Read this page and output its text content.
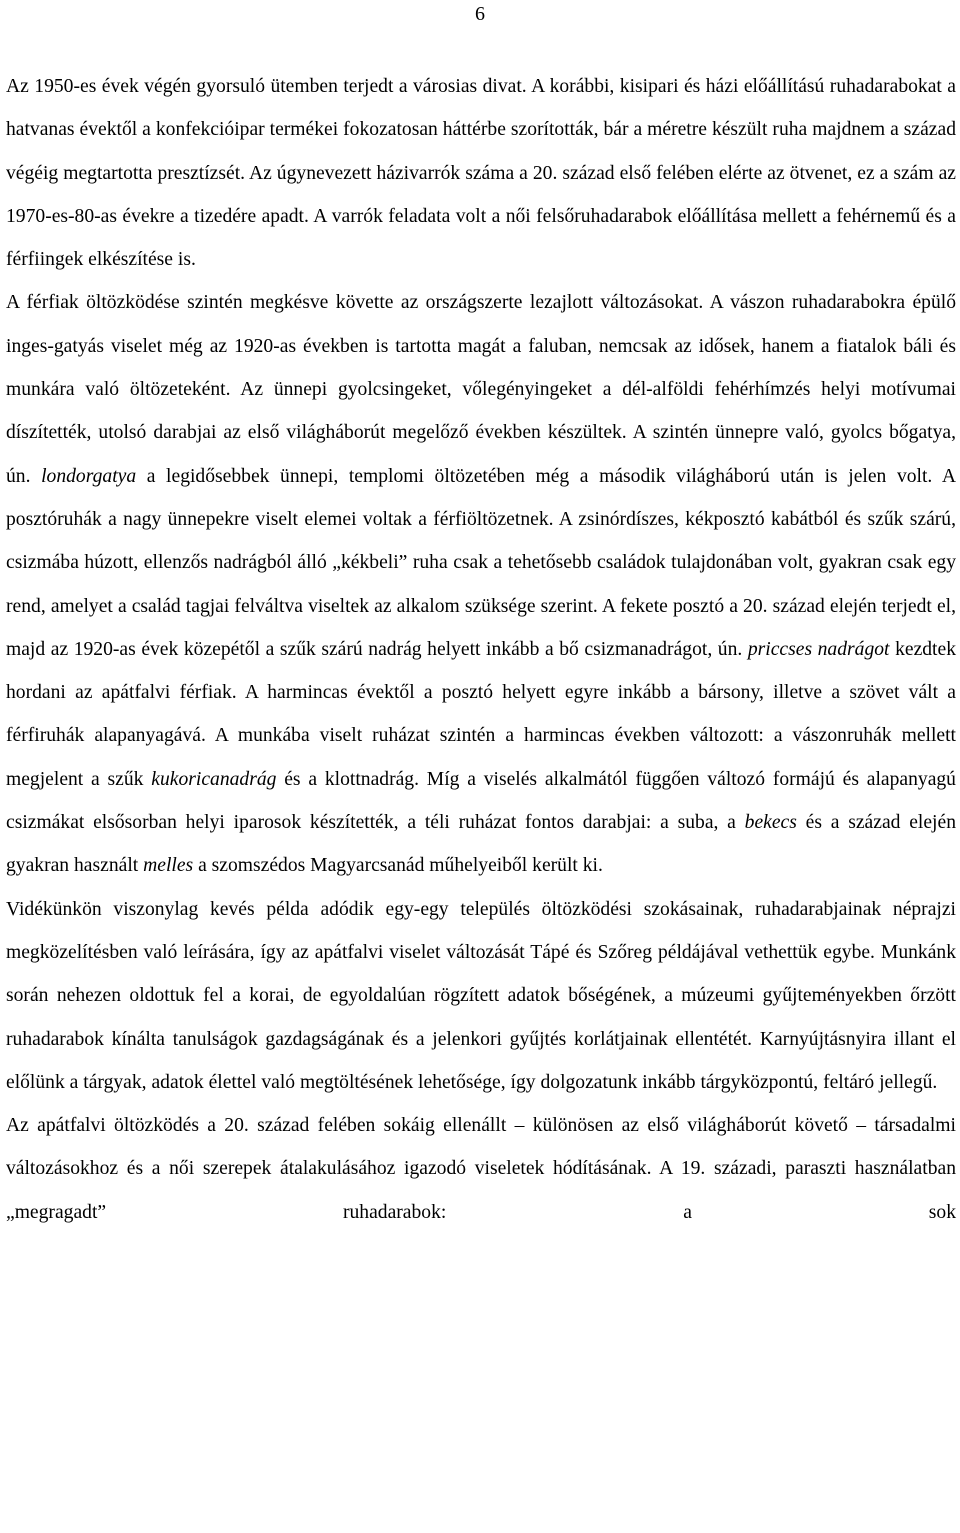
6

Az 1950-es évek végén gyorsuló ütemben terjedt a városias divat. A korábbi, kisipari és házi előállítású ruhadarabokat a hatvanas évektől a konfekcióipar termékei fokozatosan háttérbe szorították, bár a méretre készült ruha majdnem a század végéig megtartotta presztízsét. Az úgynevezett házivarrók száma a 20. század első felében elérte az ötvenet, ez a szám az 1970-es-80-as évekre a tizedére apadt. A varrók feladata volt a női felsőruhadarabok előállítása mellett a fehérnemű és a férfiingek elkészítése is.

A férfiak öltözködése szintén megkésve követte az országszerte lezajlott változásokat. A vászon ruhadarabokra épülő inges-gatyás viselet még az 1920-as években is tartotta magát a faluban, nemcsak az idősek, hanem a fiatalok báli és munkára való öltözeteként. Az ünnepi gyolcsingeket, vőlegényingeket a dél-alföldi fehérhímzés helyi motívumai díszítették, utolsó darabjai az első világháborút megelőző években készültek. A szintén ünnepre való, gyolcs bőgatya, ún. londorgatya a legidősebbek ünnepi, templomi öltözetében még a második világháború után is jelen volt. A posztóruhák a nagy ünnepekre viselt elemei voltak a férfiöltözetnek. A zsinórdíszes, kékposztó kabátból és szűk szárú, csizmába húzott, ellenzős nadrágból álló „kékbeli” ruha csak a tehetősebb családok tulajdonában volt, gyakran csak egy rend, amelyet a család tagjai felváltva viseltek az alkalom szüksége szerint. A fekete posztó a 20. század elején terjedt el, majd az 1920-as évek közepétől a szűk szárú nadrág helyett inkább a bő csizmanadrágot, ún. priccses nadrágot kezdtek hordani az apátfalvi férfiak. A harmincas évektől a posztó helyett egyre inkább a bársony, illetve a szövet vált a férfiruhák alapanyagává. A munkába viselt ruházat szintén a harmincas években változott: a vászonruhák mellett megjelent a szűk kukoricanadrág és a klottnadrág. Míg a viselés alkalmától függően változó formájú és alapanyagú csizmákat elsősorban helyi iparosok készítették, a téli ruházat fontos darabjai: a suba, a bekecs és a század elején gyakran használt melles a szomszédos Magyarcsanád műhelyeiből került ki.

Vidékünkön viszonylag kevés példa adódik egy-egy település öltözködési szokásainak, ruhadarabjainak néprajzi megközelítésben való leírására, így az apátfalvi viselet változását Tápé és Szőreg példájával vethettük egybe. Munkánk során nehezen oldottuk fel a korai, de egyoldalúan rögzített adatok bőségének, a múzeumi gyűjteményekben őrzött ruhadarabok kínálta tanulságok gazdagságának és a jelenkori gyűjtés korlátjainak ellentétét. Karnyújtásnyira illant el előlünk a tárgyak, adatok élettel való megtöltésének lehetősége, így dolgozatunk inkább tárgyközpontú, feltáró jellegű.

Az apátfalvi öltözködés a 20. század felében sokáig ellenállt – különösen az első világháborút követő – társadalmi változásokhoz és a női szerepek átalakulásához igazodó viseletek hódításának. A 19. századi, paraszti használatban „megragadt” ruhadarabok: a sok
